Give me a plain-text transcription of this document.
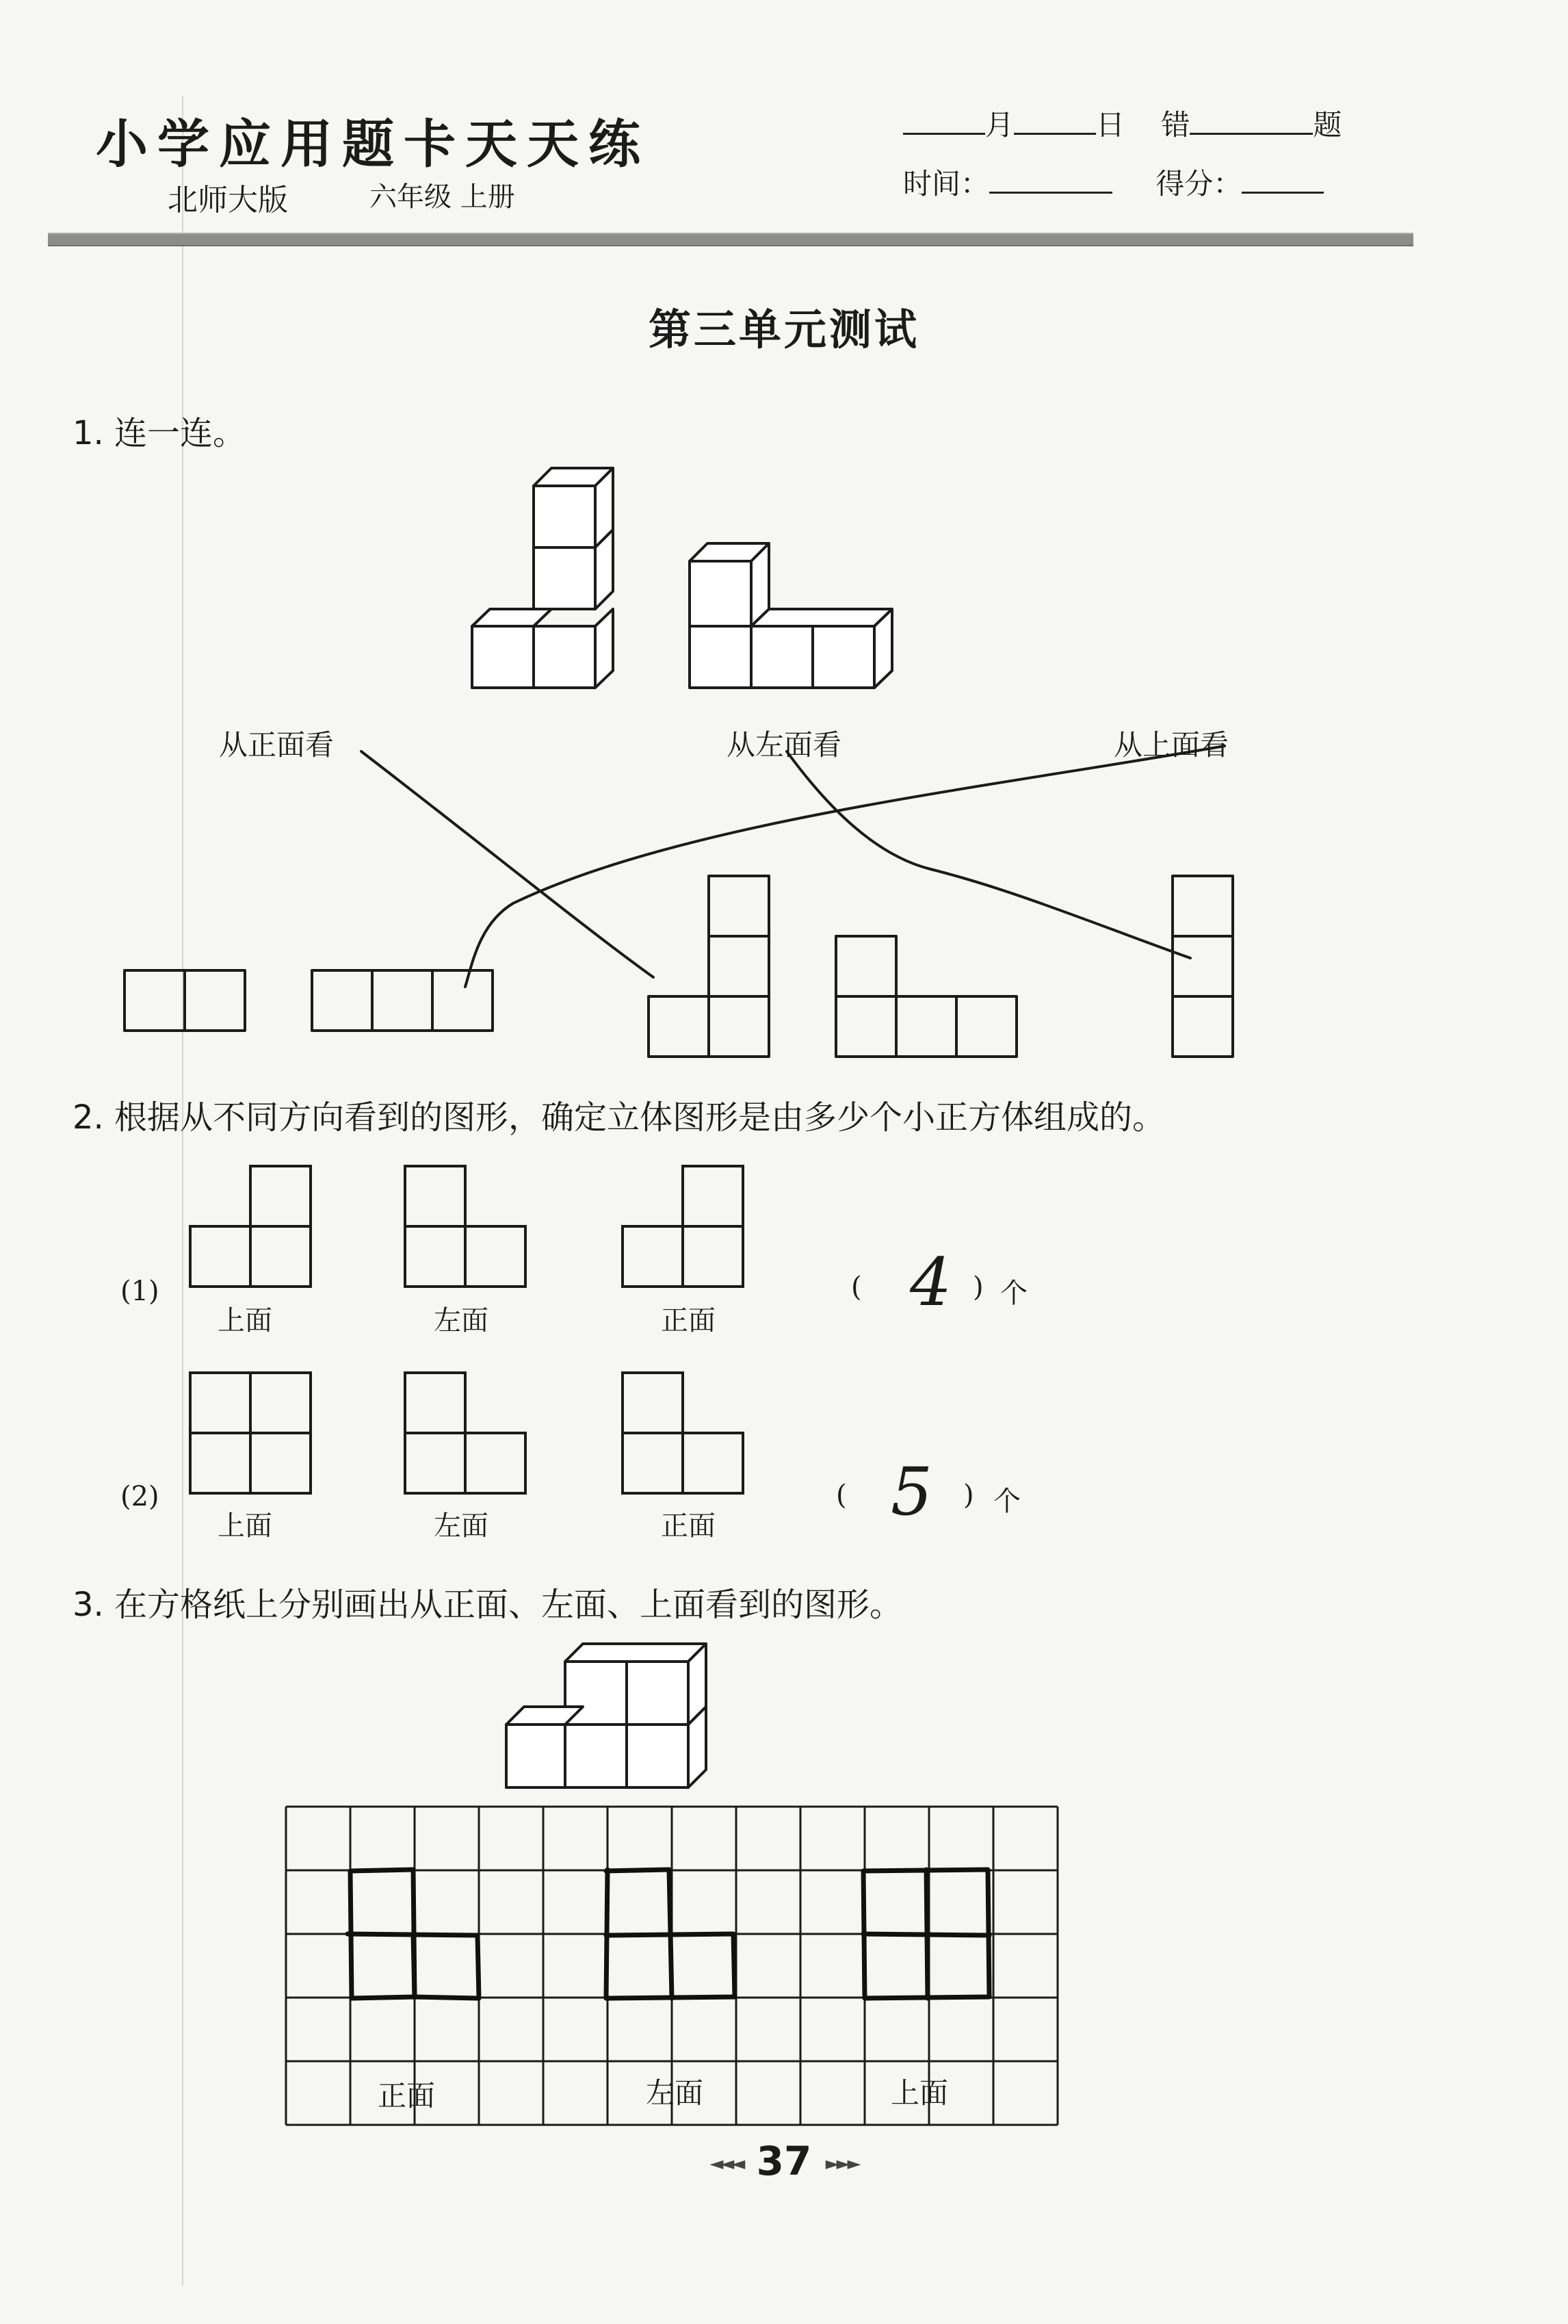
小学应用题卡天天练
北师大版	六年级 上册
月	日 错	题
时间：	得分：
第三单元测试
1. 连一连。
从正面看	从左面看	从上面看
2. 根据从不同方向看到的图形，确定立体图形是由多少个小正方体组成的。
(1)
上面	左面	正面
( 4 ) 个
(2)
上面	左面	正面
( 5 ) 个
3. 在方格纸上分别画出从正面、左面、上面看到的图形。
正面	左面	上面
◄◄◄ 37 ►►►
